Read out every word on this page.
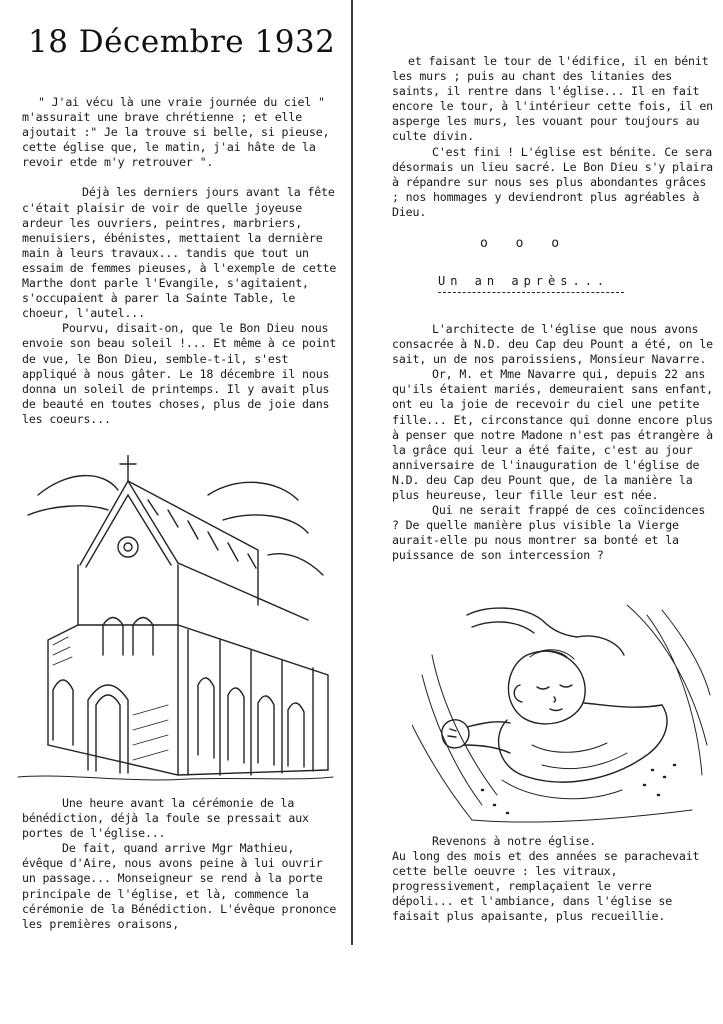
18 Décembre 1932

" J'ai vécu là une vraie journée du ciel " m'assurait une brave chrétienne ; et elle ajoutait :" Je la trouve si belle, si pieuse, cette église que, le matin, j'ai hâte de la revoir etde m'y retrouver ".

Déjà les derniers jours avant la fête c'était plaisir de voir de quelle joyeuse ardeur les ouvriers, peintres, marbriers, menuisiers, ébénistes, mettaient la dernière main à leurs travaux... tandis que tout un essaim de femmes pieuses, à l'exemple de cette Marthe dont parle l'Evangile, s'agitaient, s'occupaient à parer la Sainte Table, le choeur, l'autel...

Pourvu, disait-on, que le Bon Dieu nous envoie son beau soleil !... Et même à ce point de vue, le Bon Dieu, semble-t-il, s'est appliqué à nous gâter. Le 18 décembre il nous donna un soleil de printemps. Il y avait plus de beauté en toutes choses, plus de joie dans les coeurs...

Une heure avant la cérémonie de la bénédiction, déjà la foule se pressait aux portes de l'église...

De fait, quand arrive Mgr Mathieu, évêque d'Aire, nous avons peine à lui ouvrir un passage... Monseigneur se rend à la porte principale de l'église, et là, commence la cérémonie de la Bénédiction. L'évêque prononce les premières oraisons,

et faisant le tour de l'édifice, il en bénit les murs ; puis au chant des litanies des saints, il rentre dans l'église... Il en fait encore le tour, à l'intérieur cette fois, il en asperge les murs, les vouant pour toujours au culte divin.

C'est fini ! L'église est bénite. Ce sera désormais un lieu sacré. Le Bon Dieu s'y plaira à répandre sur nous ses plus abondantes grâces ; nos hommages y deviendront plus agréables à Dieu.

o o o

Un an après...

L'architecte de l'église que nous avons consacrée à N.D. deu Cap deu Pount a été, on le sait, un de nos paroissiens, Monsieur Navarre.

Or, M. et Mme Navarre qui, depuis 22 ans qu'ils étaient mariés, demeuraient sans enfant, ont eu la joie de recevoir du ciel une petite fille... Et, circonstance qui donne encore plus à penser que notre Madone n'est pas étrangère à la grâce qui leur a été faite, c'est au jour anniversaire de l'inauguration de l'église de N.D. deu Cap deu Pount que, de la manière la plus heureuse, leur fille leur est née.

Qui ne serait frappé de ces coïncidences ? De quelle manière plus visible la Vierge aurait-elle pu nous montrer sa bonté et la puissance de son intercession ?

Revenons à notre église.

Au long des mois et des années se parachevait cette belle oeuvre : les vitraux, progressivement, remplaçaient le verre dépoli... et l'ambiance, dans l'église se faisait plus apaisante, plus recueillie.
